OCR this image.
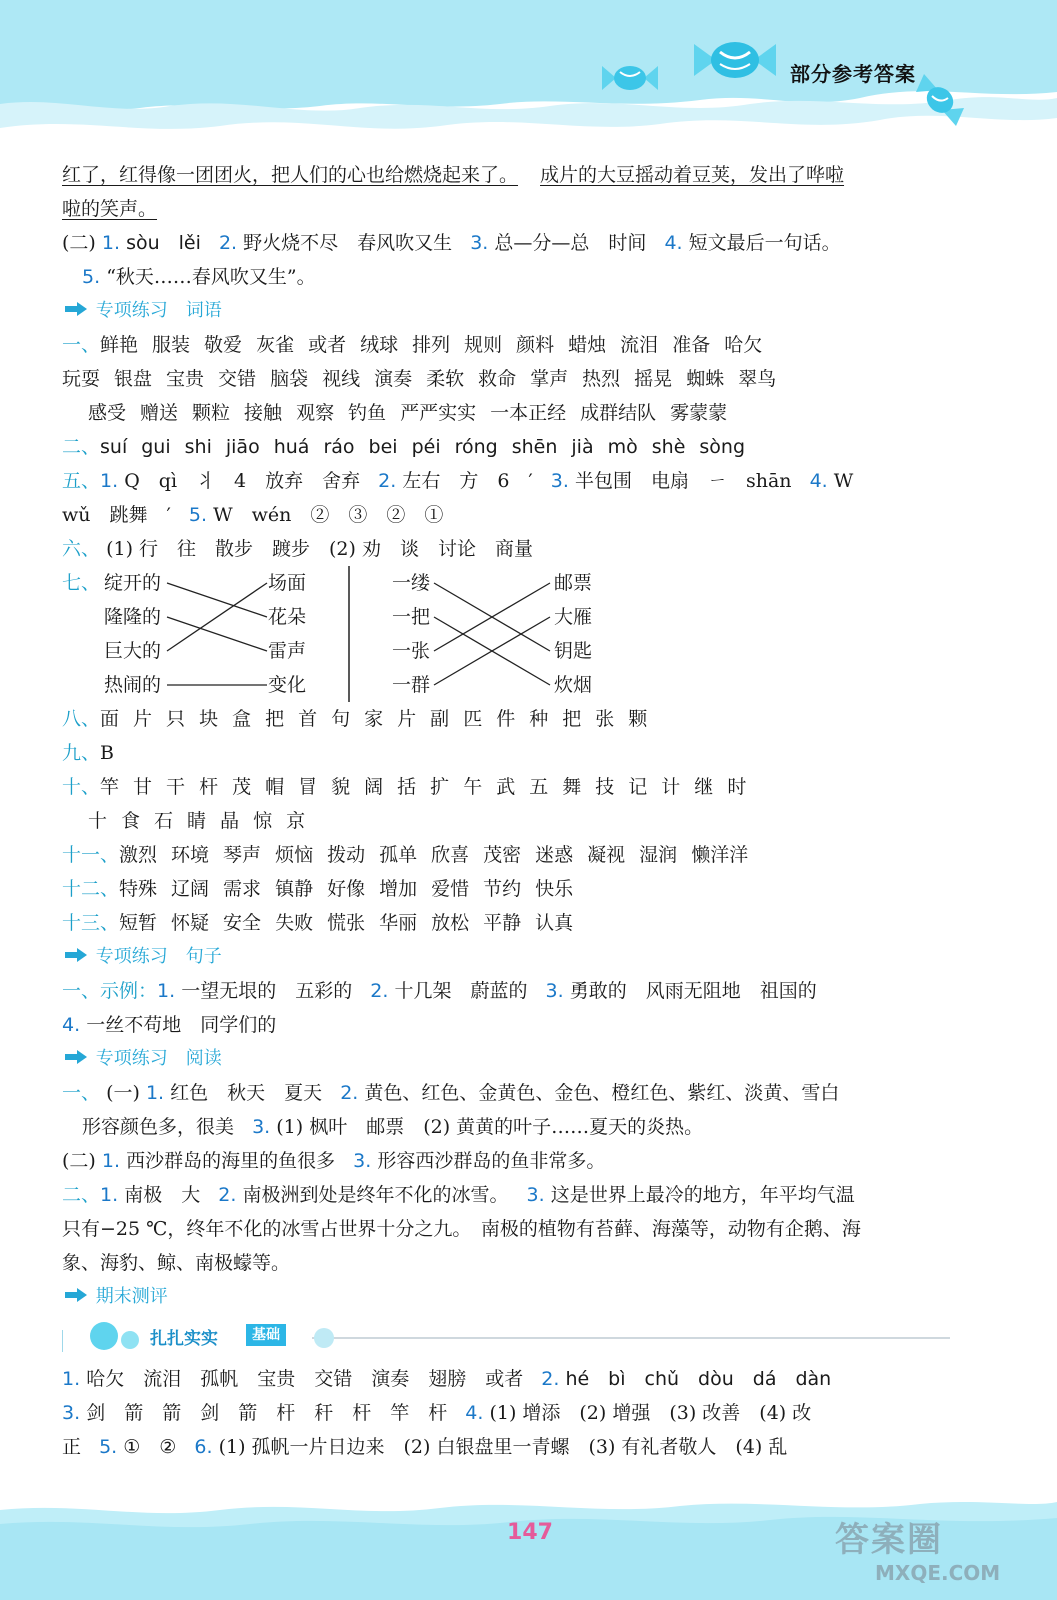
部分参考答案
147	答案圈
MXQE.COM
红了，红得像一团团火，把人们的心也给燃烧起来了。 成片的大豆摇动着豆荚，发出了哗啦
啦的笑声。
(二) 1. sòu　lěi 2. 野火烧不尽　春风吹又生 3. 总—分—总　时间 4. 短文最后一句话。
5. “秋天……春风吹又生”。
专项练习　词语
一、鲜艳 服装 敬爱 灰雀 或者 绒球 排列 规则 颜料 蜡烛 流泪 准备 哈欠
玩耍 银盘 宝贵 交错 脑袋 视线 演奏 柔软 救命 掌声 热烈 摇晃 蜘蛛 翠鸟
感受 赠送 颗粒 接触 观察 钓鱼 严严实实 一本正经 成群结队 雾蒙蒙
二、suí gui shi jiāo huá ráo bei péi róng shēn jià mò shè sòng
五、1. Q　qì　丬　4　放弃　舍弃 2. 左右　方　6　′ 3. 半包围　电扇　ㄧ　shān 4. W
wǔ　跳舞　′ 5. W　wén　②　③　②　①
六、 (1) 行　往　散步　踱步　(2) 劝　谈　讨论　商量
七、 绽开的
隆隆的
巨大的
热闹的
场面
花朵
雷声
变化
一缕
一把
一张
一群
邮票
大雁
钥匙
炊烟
八、面 片 只 块 盒 把 首 句 家 片 副 匹 件 种 把 张 颗
九、B
十、竿 甘 干 杆 茂 帽 冒 貌 阔 括 扩 午 武 五 舞 技 记 计 继 时
十 食 石 睛 晶 惊 京
十一、激烈 环境 琴声 烦恼 拨动 孤单 欣喜 茂密 迷惑 凝视 湿润 懒洋洋
十二、特殊 辽阔 需求 镇静 好像 增加 爱惜 节约 快乐
十三、短暂 怀疑 安全 失败 慌张 华丽 放松 平静 认真
专项练习　句子
一、示例：1. 一望无垠的　五彩的 2. 十几架　蔚蓝的 3. 勇敢的　风雨无阻地　祖国的
4. 一丝不苟地　同学们的
专项练习　阅读
一、 (一) 1. 红色　秋天　夏天 2. 黄色、红色、金黄色、金色、橙红色、紫红、淡黄、雪白
形容颜色多，很美 3. (1) 枫叶　邮票　(2) 黄黄的叶子……夏天的炎热。
(二) 1. 西沙群岛的海里的鱼很多 3. 形容西沙群岛的鱼非常多。
二、1. 南极　大 2. 南极洲到处是终年不化的冰雪。 3. 这是世界上最冷的地方，年平均气温
只有−25 ℃，终年不化的冰雪占世界十分之九。　南极的植物有苔藓、海藻等，动物有企鹅、海
象、海豹、鲸、南极蠓等。
期末测评
扎扎实实	基础
1. 哈欠　流泪　孤帆　宝贵　交错　演奏　翅膀　或者 2. hé　bì　chǔ　dòu　dá　dàn
3. 剑　箭　箭　剑　箭　杆　秆　杆　竿　杆 4. (1) 增添　(2) 增强　(3) 改善　(4) 改
正 5. ①　② 6. (1) 孤帆一片日边来　(2) 白银盘里一青螺　(3) 有礼者敬人　(4) 乱
